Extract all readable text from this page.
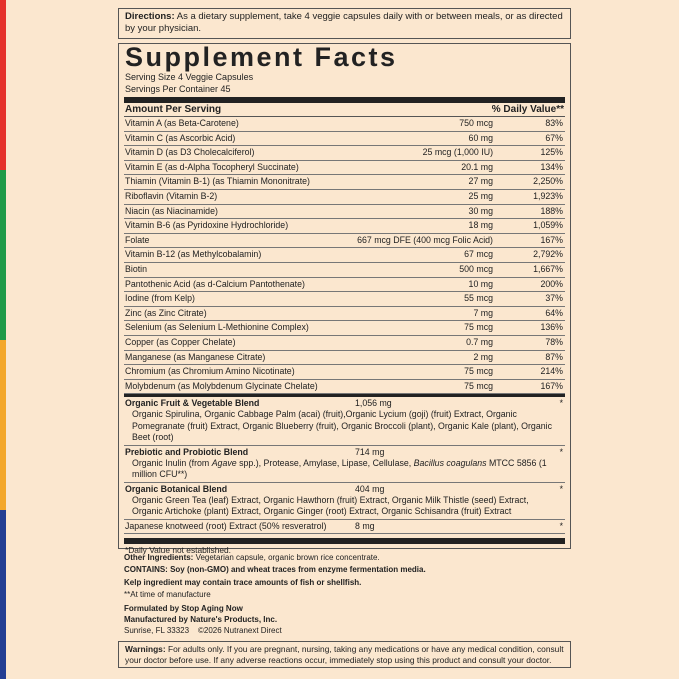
Directions: As a dietary supplement, take 4 veggie capsules daily with or between meals, or as directed by your physician.
Supplement Facts
Serving Size 4 Veggie Capsules
Servings Per Container 45
Amount Per Serving	% Daily Value**
Vitamin A (as Beta-Carotene)	750 mcg	83%
Vitamin C (as Ascorbic Acid)	60 mg	67%
Vitamin D (as D3 Cholecalciferol)	25 mcg (1,000 IU)	125%
Vitamin E (as d-Alpha Tocopheryl Succinate)	20.1 mg	134%
Thiamin (Vitamin B-1) (as Thiamin Mononitrate)	27 mg	2,250%
Riboflavin (Vitamin B-2)	25 mg	1,923%
Niacin (as Niacinamide)	30 mg	188%
Vitamin B-6 (as Pyridoxine Hydrochloride)	18 mg	1,059%
Folate	667 mcg DFE (400 mcg Folic Acid)	167%
Vitamin B-12 (as Methylcobalamin)	67 mcg	2,792%
Biotin	500 mcg	1,667%
Pantothenic Acid (as d-Calcium Pantothenate)	10 mg	200%
Iodine (from Kelp)	55 mcg	37%
Zinc (as Zinc Citrate)	7 mg	64%
Selenium (as Selenium L-Methionine Complex)	75 mcg	136%
Copper (as Copper Chelate)	0.7 mg	78%
Manganese (as Manganese Citrate)	2 mg	87%
Chromium (as Chromium Amino Nicotinate)	75 mcg	214%
Molybdenum (as Molybdenum Glycinate Chelate)	75 mcg	167%
Organic Fruit & Vegetable Blend	1,056 mg	*
Organic Spirulina, Organic Cabbage Palm (acai) (fruit),Organic Lycium (goji) (fruit) Extract, Organic Pomegranate (fruit) Extract, Organic Blueberry (fruit), Organic Broccoli (plant), Organic Kale (plant), Organic Beet (root)
Prebiotic and Probiotic Blend	714 mg	*
Organic Inulin (from Agave spp.), Protease, Amylase, Lipase, Cellulase, Bacillus coagulans MTCC 5856 (1 million CFU**)
Organic Botanical Blend	404 mg	*
Organic Green Tea (leaf) Extract, Organic Hawthorn (fruit) Extract, Organic Milk Thistle (seed) Extract, Organic Artichoke (plant) Extract, Organic Ginger (root) Extract, Organic Schisandra (fruit) Extract
Japanese knotweed (root) Extract (50% resveratrol)	8 mg	*
*Daily Value not established.
Other Ingredients: Vegetarian capsule, organic brown rice concentrate.
CONTAINS: Soy (non-GMO) and wheat traces from enzyme fermentation media.
Kelp ingredient may contain trace amounts of fish or shellfish.
**At time of manufacture
Formulated by Stop Aging Now
Manufactured by Nature's Products, Inc.
Sunrise, FL 33323    ©2026 Nutranext Direct
Warnings: For adults only. If you are pregnant, nursing, taking any medications or have any medical condition, consult your doctor before use. If any adverse reactions occur, immediately stop using this product and consult your doctor.
